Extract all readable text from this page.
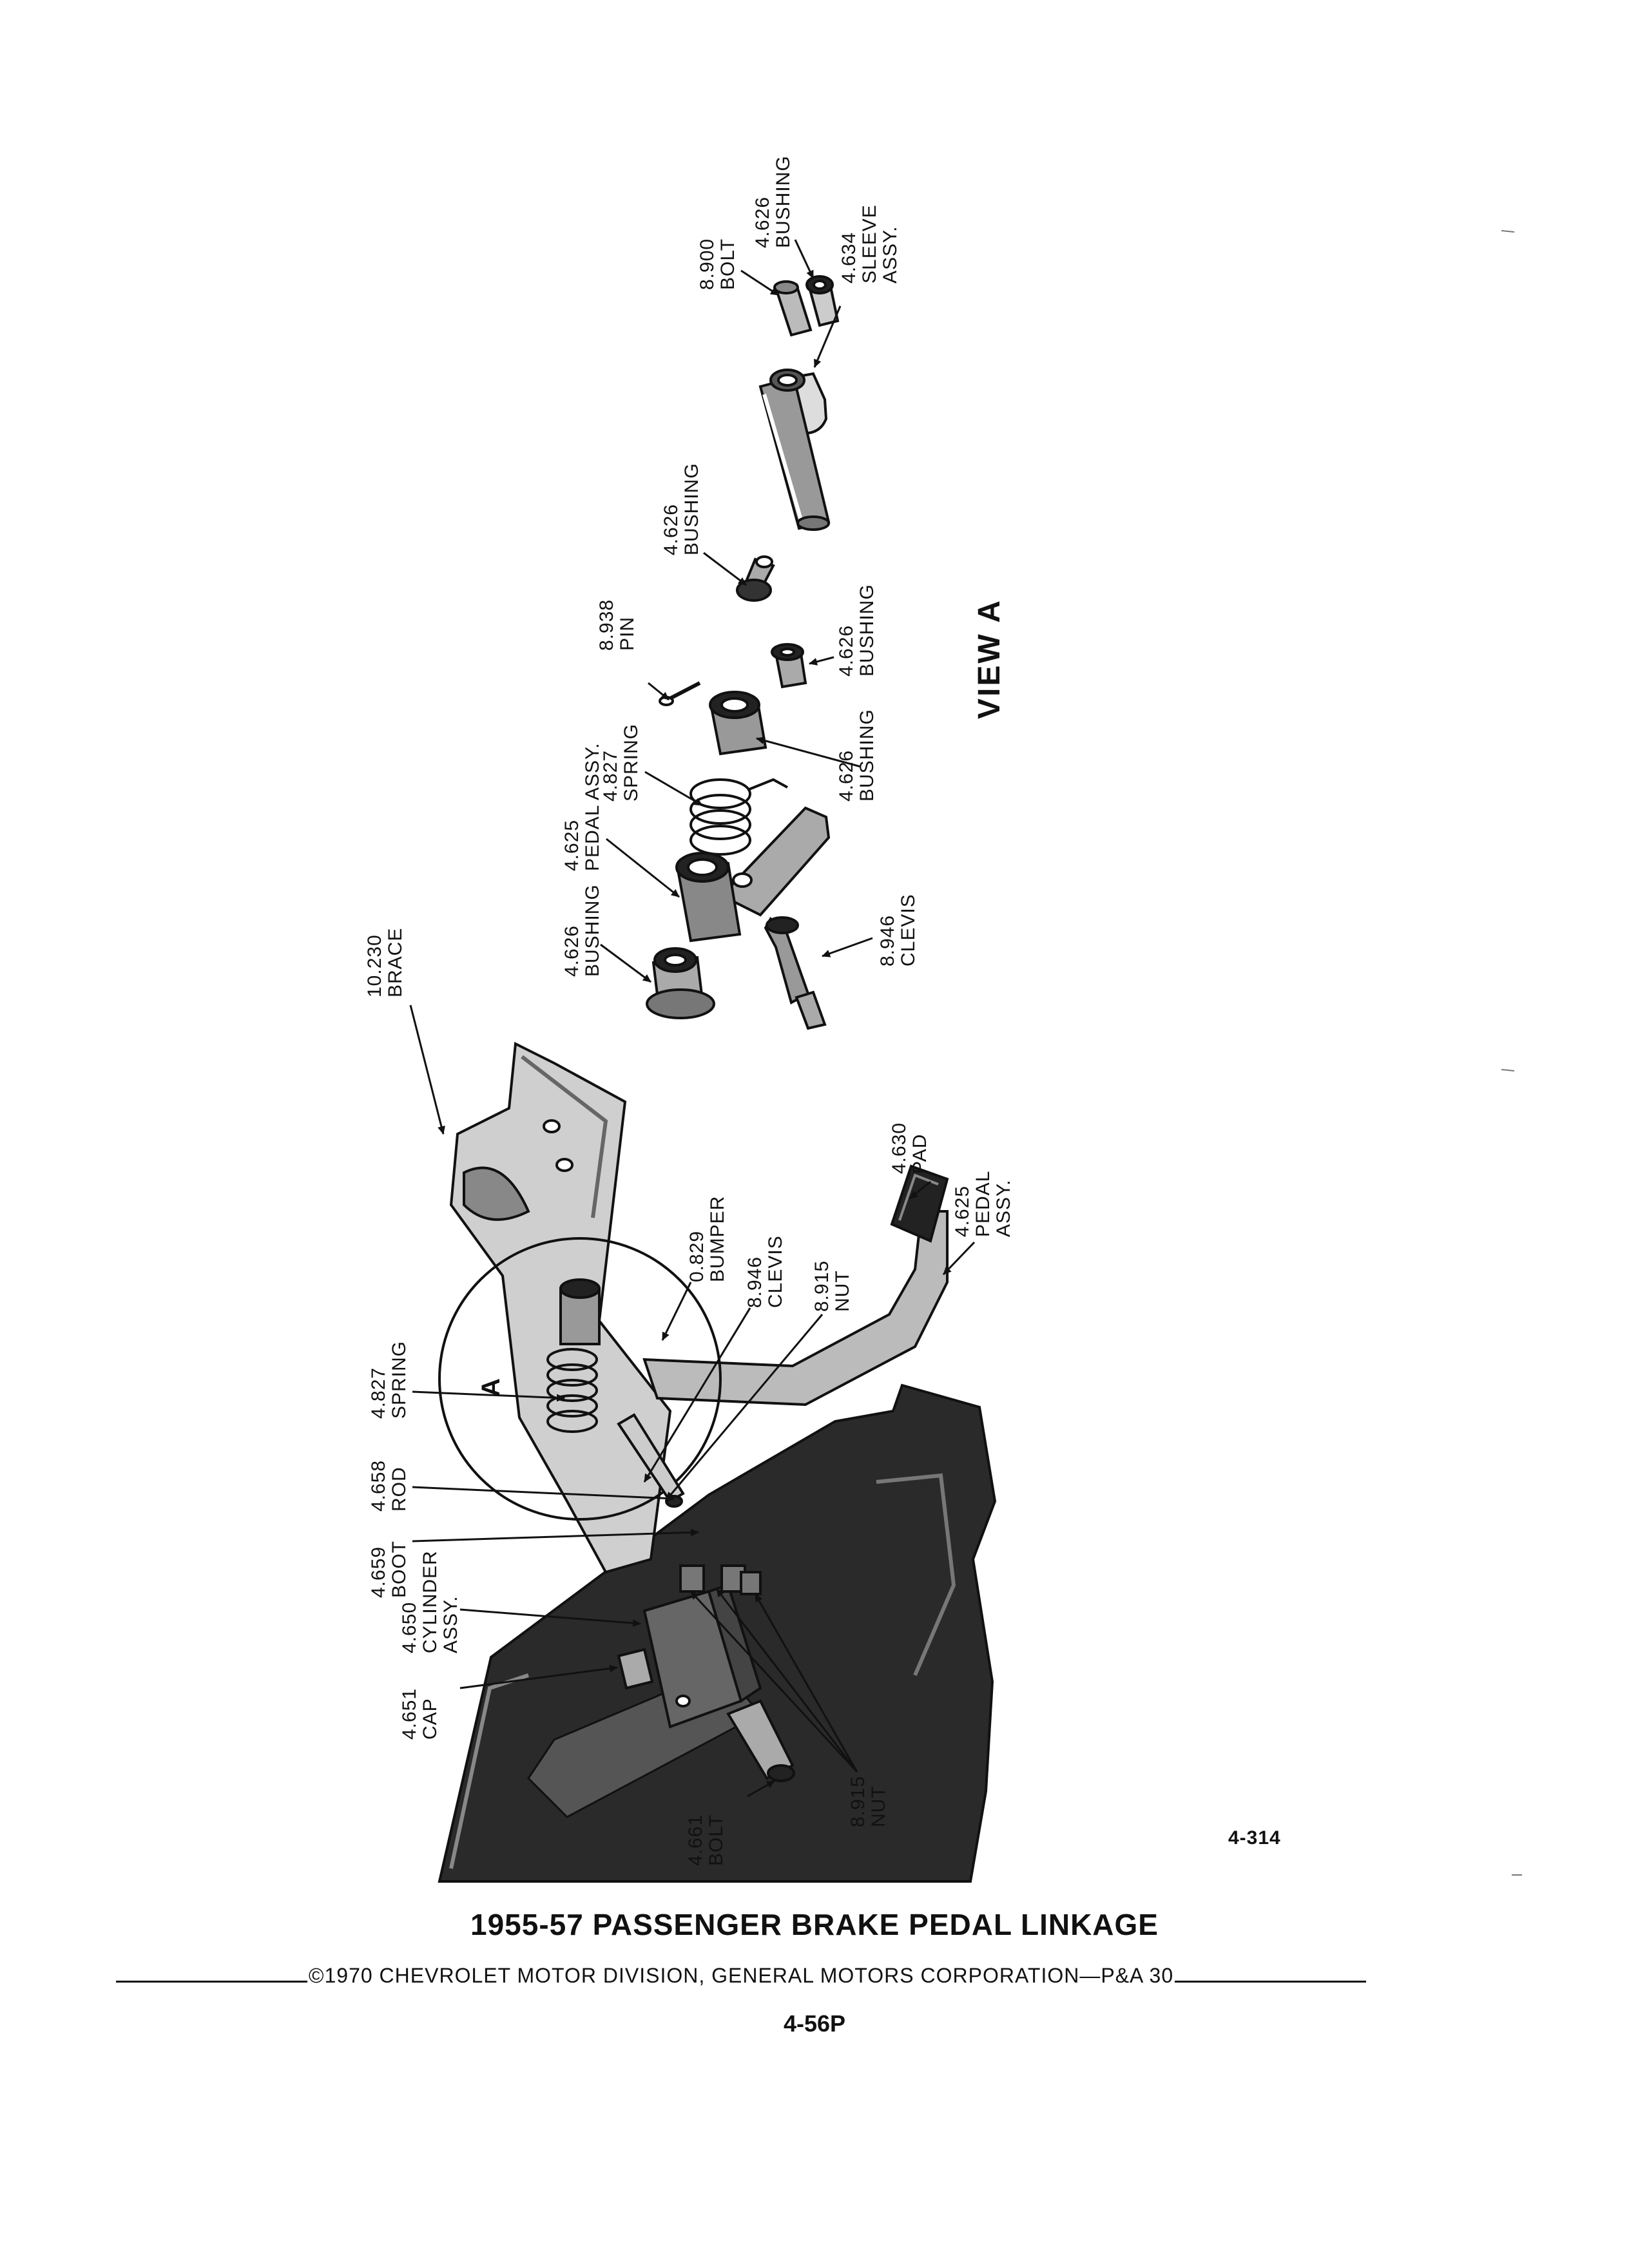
8.900 BOLT
4.626 BUSHING
4.634 SLEEVE ASSY.
4.626 BUSHING
8.938 PIN	4.626 BUSHING
4.827 SPRING	4.626 BUSHING
4.625 PEDAL ASSY.
4.626 BUSHING	8.946 CLEVIS
10.230 BRACE
4.630 PAD
4.625 PEDAL ASSY.
0.829 BUMPER 8.946 CLEVIS 8.915 NUT
4.827 SPRING
4.658 ROD
4.659 BOOT
4.650 CYLINDER ASSY.
4.651 CAP
4.661 BOLT
8.915 NUT
VIEW A
A
4-314
1955-57 PASSENGER BRAKE PEDAL LINKAGE
©1970 CHEVROLET MOTOR DIVISION, GENERAL MOTORS CORPORATION—P&A 30
4-56P
